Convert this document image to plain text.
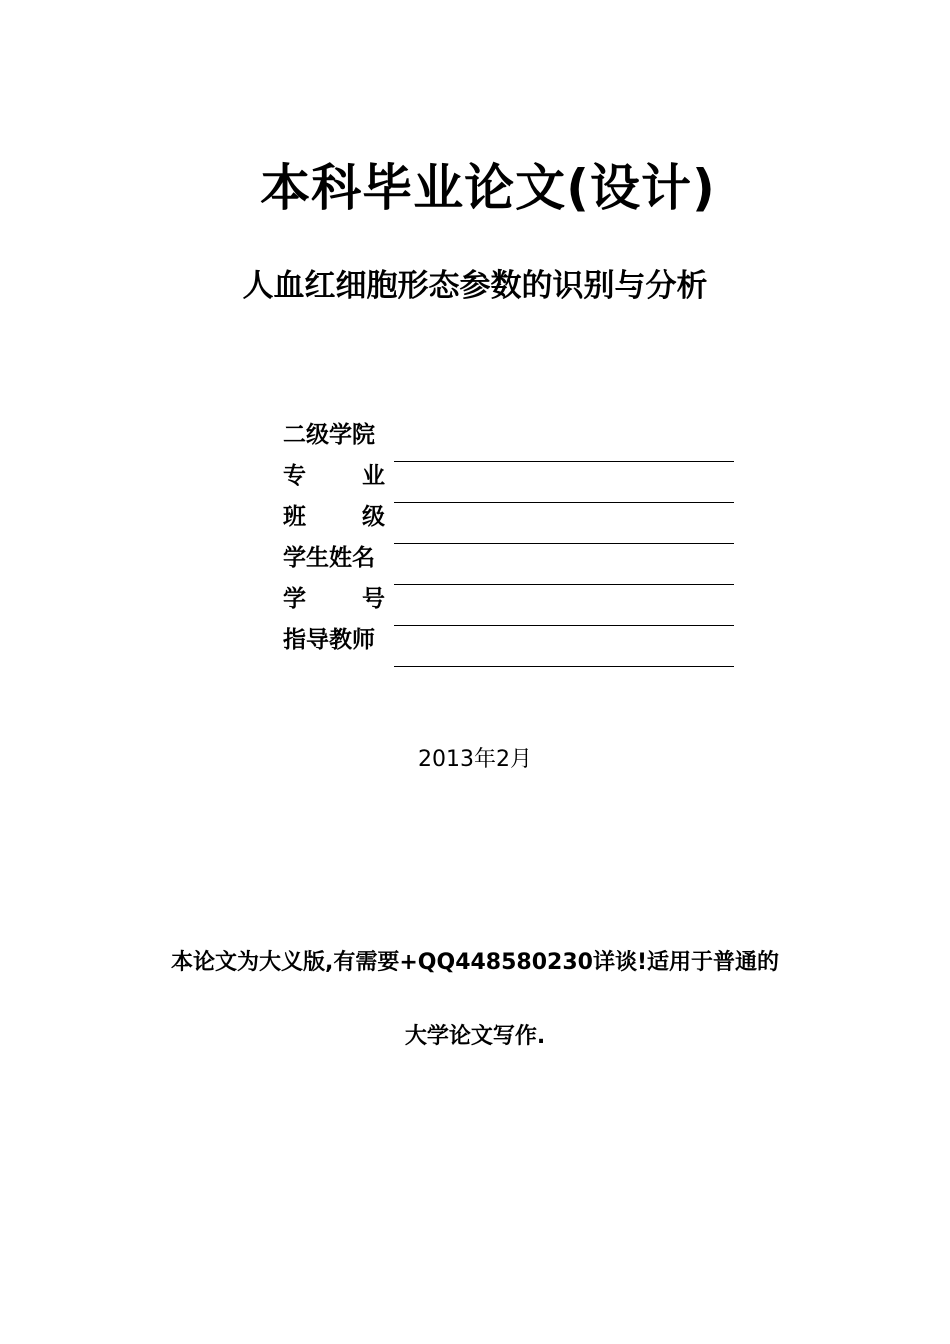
本科毕业论文(设计)
人血红细胞形态参数的识别与分析
二级学院
专 业
班 级
学生姓名
学 号
指导教师
2013年2月
本论文为大义版,有需要+QQ448580230详谈!适用于普通的
大学论文写作.
